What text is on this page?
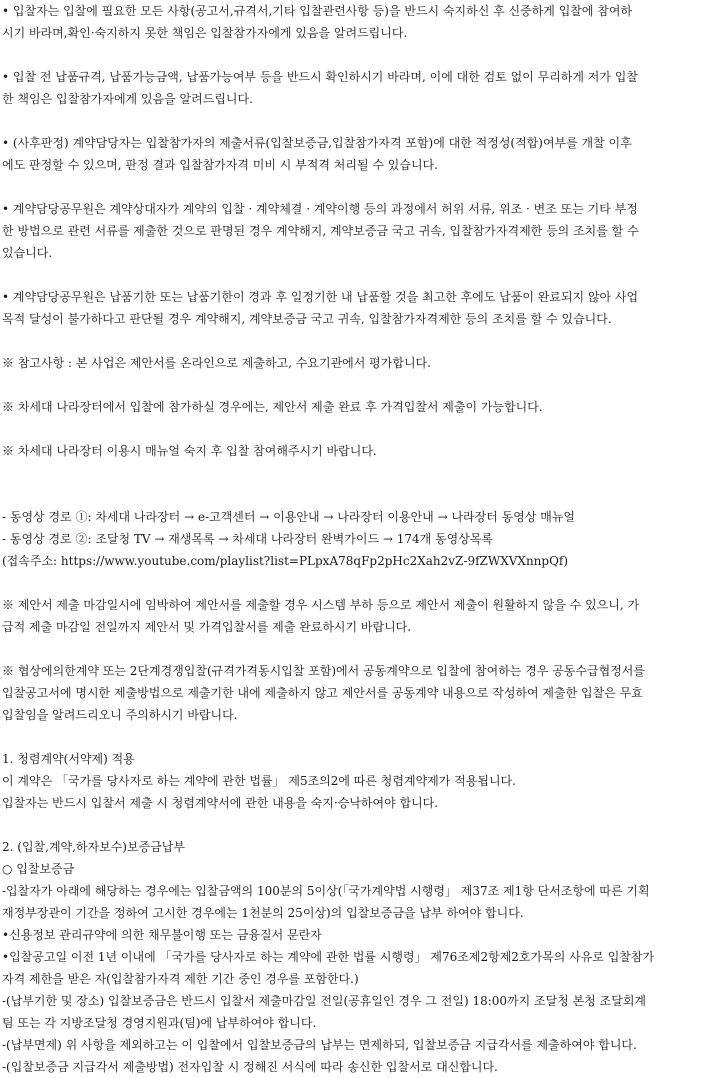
• 입찰자는 입찰에 필요한 모든 사항(공고서,규격서,기타 입찰관련사항 등)을 반드시 숙지하신 후 신중하게 입찰에 참여하
시기 바라며,확인·숙지하지 못한 책임은 입찰참가자에게 있음을 알려드립니다.
• 입찰 전 납품규격, 납품가능금액, 납품가능여부 등을 반드시 확인하시기 바라며, 이에 대한 검토 없이 무리하게 저가 입찰
한 책임은 입찰참가자에게 있음을 알려드립니다.
• (사후판정) 계약담당자는 입찰참가자의 제출서류(입찰보증금,입찰참가자격 포함)에 대한 적정성(적합)여부를 개찰 이후
에도 판정할 수 있으며, 판정 결과 입찰참가자격 미비 시 부적격 처리될 수 있습니다.
• 계약담당공무원은 계약상대자가 계약의 입찰 · 계약체결 · 계약이행 등의 과정에서 허위 서류, 위조 · 변조 또는 기타 부정
한 방법으로 관련 서류를 제출한 것으로 판명된 경우 계약해지, 계약보증금 국고 귀속, 입찰참가자격제한 등의 조치를 할 수
있습니다.
• 계약담당공무원은 납품기한 또는 납품기한이 경과 후 일정기한 내 납품할 것을 최고한 후에도 납품이 완료되지 않아 사업
목적 달성이 불가하다고 판단될 경우 계약해지, 계약보증금 국고 귀속, 입찰참가자격제한 등의 조치를 할 수 있습니다.
※ 참고사항 : 본 사업은 제안서를 온라인으로 제출하고, 수요기관에서 평가합니다.
※ 차세대 나라장터에서 입찰에 참가하실 경우에는, 제안서 제출 완료 후 가격입찰서 제출이 가능합니다.
※ 차세대 나라장터 이용시 매뉴얼 숙지 후 입찰 참여해주시기 바랍니다.
- 동영상 경로 ①: 차세대 나라장터 → e-고객센터 → 이용안내 → 나라장터 이용안내 → 나라장터 동영상 매뉴얼
- 동영상 경로 ②: 조달청 TV → 재생목록 → 차세대 나라장터 완벽가이드 → 174개 동영상목록
(접속주소: https://www.youtube.com/playlist?list=PLpxA78qFp2pHc2Xah2vZ-9fZWXVXnnpQf)
※ 제안서 제출 마감일시에 임박하여 제안서를 제출할 경우 시스템 부하 등으로 제안서 제출이 원활하지 않을 수 있으니, 가
급적 제출 마감일 전일까지 제안서 및 가격입찰서를 제출 완료하시기 바랍니다.
※ 협상에의한계약 또는 2단계경쟁입찰(규격가격동시입찰 포함)에서 공동계약으로 입찰에 참여하는 경우 공동수급협정서를
입찰공고서에 명시한 제출방법으로 제출기한 내에 제출하지 않고 제안서를 공동계약 내용으로 작성하여 제출한 입찰은 무효
입찰임을 알려드리오니 주의하시기 바랍니다.
1. 청렴계약(서약제) 적용
이 계약은 「국가를 당사자로 하는 계약에 관한 법률」 제5조의2에 따른 청렴계약제가 적용됩니다.
입찰자는 반드시 입찰서 제출 시 청렴계약서에 관한 내용을 숙지·승낙하여야 합니다.
2. (입찰,계약,하자보수)보증금납부
○ 입찰보증금
-입찰자가 아래에 해당하는 경우에는 입찰금액의 100분의 5이상(「국가계약법 시행령」 제37조 제1항 단서조항에 따른 기획
재정부장관이 기간을 정하여 고시한 경우에는 1천분의 25이상)의 입찰보증금을 납부 하여야 합니다.
•신용정보 관리규약에 의한 채무불이행 또는 금융질서 문란자
•입찰공고일 이전 1년 이내에 「국가를 당사자로 하는 계약에 관한 법률 시행령」 제76조제2항제2호가목의 사유로 입찰참가
자격 제한을 받은 자(입찰참가자격 제한 기간 중인 경우를 포함한다.)
-(납부기한 및 장소) 입찰보증금은 반드시 입찰서 제출마감일 전일(공휴일인 경우 그 전일) 18:00까지 조달청 본청 조달회계
팀 또는 각 지방조달청 경영지원과(팀)에 납부하여야 합니다.
-(납부면제) 위 사항을 제외하고는 이 입찰에서 입찰보증금의 납부는 면제하되, 입찰보증금 지급각서를 제출하여야 합니다.
-(입찰보증금 지급각서 제출방법) 전자입찰 시 정해진 서식에 따라 송신한 입찰서로 대신합니다.
